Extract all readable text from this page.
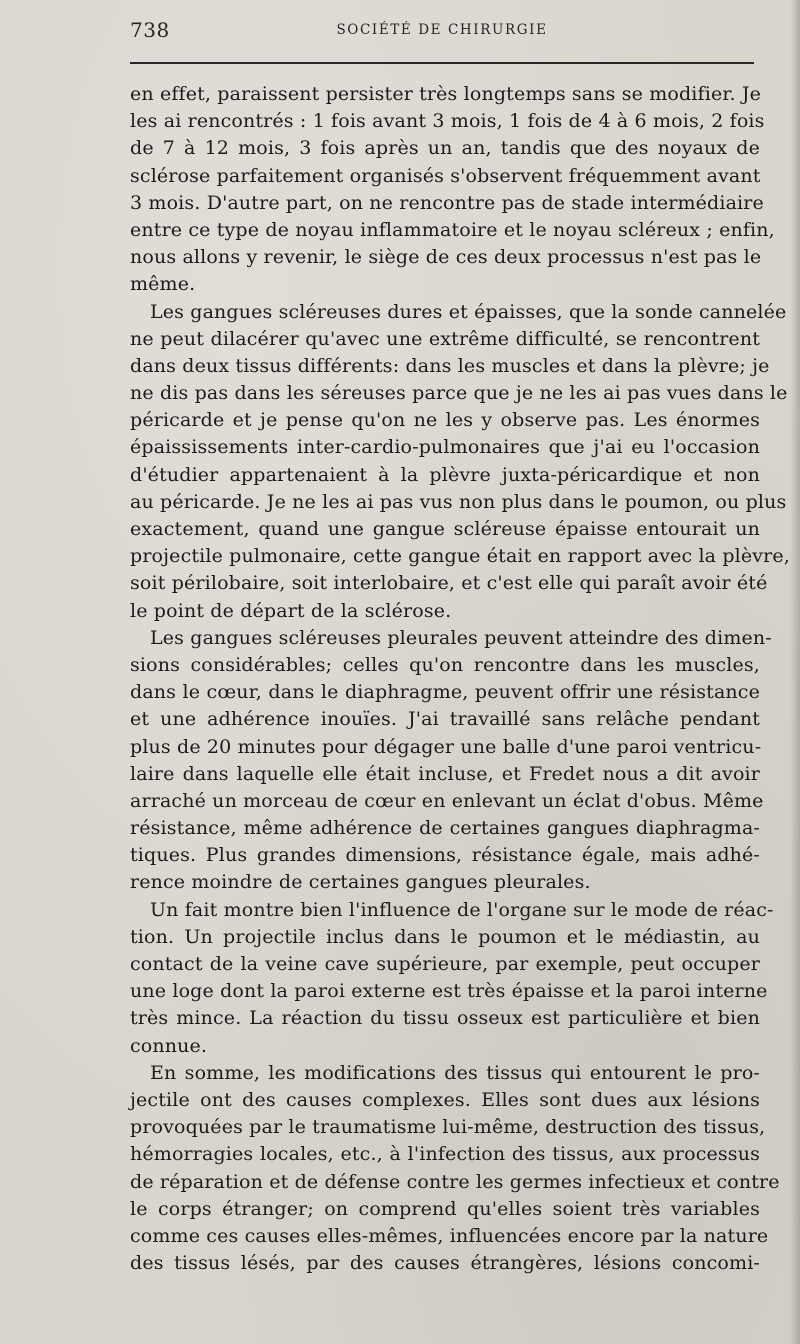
738	SOCIÉTÉ DE CHIRURGIE
en effet, paraissent persister très longtemps sans se modifier. Je
les ai rencontrés : 1 fois avant 3 mois, 1 fois de 4 à 6 mois, 2 fois
de 7 à 12 mois, 3 fois après un an, tandis que des noyaux de
sclérose parfaitement organisés s'observent fréquemment avant
3 mois. D'autre part, on ne rencontre pas de stade intermédiaire
entre ce type de noyau inflammatoire et le noyau scléreux ; enfin,
nous allons y revenir, le siège de ces deux processus n'est pas le
même.
Les gangues scléreuses dures et épaisses, que la sonde cannelée
ne peut dilacérer qu'avec une extrême difficulté, se rencontrent
dans deux tissus différents: dans les muscles et dans la plèvre; je
ne dis pas dans les séreuses parce que je ne les ai pas vues dans le
péricarde et je pense qu'on ne les y observe pas. Les énormes
épaississements inter-cardio-pulmonaires que j'ai eu l'occasion
d'étudier appartenaient à la plèvre juxta-péricardique et non
au péricarde. Je ne les ai pas vus non plus dans le poumon, ou plus
exactement, quand une gangue scléreuse épaisse entourait un
projectile pulmonaire, cette gangue était en rapport avec la plèvre,
soit périlobaire, soit interlobaire, et c'est elle qui paraît avoir été
le point de départ de la sclérose.
Les gangues scléreuses pleurales peuvent atteindre des dimen-
sions considérables; celles qu'on rencontre dans les muscles,
dans le cœur, dans le diaphragme, peuvent offrir une résistance
et une adhérence inouïes. J'ai travaillé sans relâche pendant
plus de 20 minutes pour dégager une balle d'une paroi ventricu-
laire dans laquelle elle était incluse, et Fredet nous a dit avoir
arraché un morceau de cœur en enlevant un éclat d'obus. Même
résistance, même adhérence de certaines gangues diaphragma-
tiques. Plus grandes dimensions, résistance égale, mais adhé-
rence moindre de certaines gangues pleurales.
Un fait montre bien l'influence de l'organe sur le mode de réac-
tion. Un projectile inclus dans le poumon et le médiastin, au
contact de la veine cave supérieure, par exemple, peut occuper
une loge dont la paroi externe est très épaisse et la paroi interne
très mince. La réaction du tissu osseux est particulière et bien
connue.
En somme, les modifications des tissus qui entourent le pro-
jectile ont des causes complexes. Elles sont dues aux lésions
provoquées par le traumatisme lui-même, destruction des tissus,
hémorragies locales, etc., à l'infection des tissus, aux processus
de réparation et de défense contre les germes infectieux et contre
le corps étranger; on comprend qu'elles soient très variables
comme ces causes elles-mêmes, influencées encore par la nature
des tissus lésés, par des causes étrangères, lésions concomi-
